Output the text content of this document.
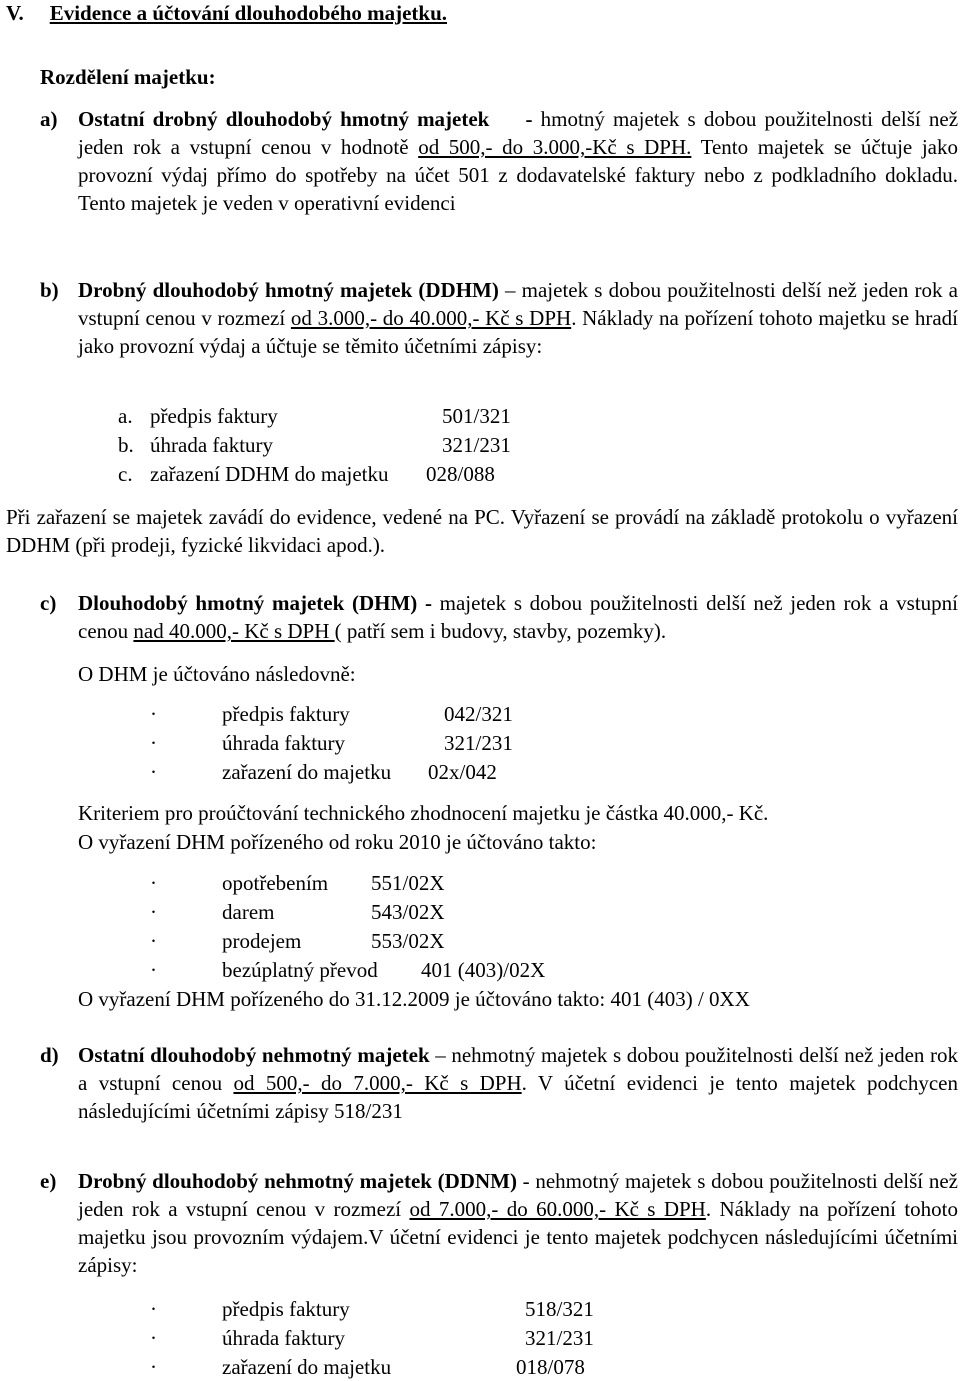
V. Evidence a účtování dlouhodobého majetku.
Rozdělení majetku:
a) Ostatní drobný dlouhodobý hmotný majetek - hmotný majetek s dobou použitelnosti delší než jeden rok a vstupní cenou v hodnotě od 500,- do 3.000,-Kč s DPH. Tento majetek se účtuje jako provozní výdaj přímo do spotřeby na účet 501 z dodavatelské faktury nebo z podkladního dokladu. Tento majetek je veden v operativní evidenci
b) Drobný dlouhodobý hmotný majetek (DDHM) – majetek s dobou použitelnosti delší než jeden rok a vstupní cenou v rozmezí od 3.000,- do 40.000,- Kč s DPH. Náklady na pořízení tohoto majetku se hradí jako provozní výdaj a účtuje se těmito účetními zápisy:
a. předpis faktury	501/321
b. úhrada faktury	321/231
c. zařazení DDHM do majetku 028/088
Při zařazení se majetek zavádí do evidence, vedené na PC. Vyřazení se provádí na základě protokolu o vyřazení DDHM (při prodeji, fyzické likvidaci apod.).
c) Dlouhodobý hmotný majetek (DHM) - majetek s dobou použitelnosti delší než jeden rok a vstupní cenou nad 40.000,- Kč s DPH ( patří sem i budovy, stavby, pozemky).
O DHM je účtováno následovně:
·	předpis faktury	042/321
·	úhrada faktury	321/231
·	zařazení do majetku 02x/042
Kriteriem pro proúčtování technického zhodnocení majetku je částka 40.000,- Kč.
O vyřazení DHM pořízeného od roku 2010 je účtováno takto:
·	opotřebením 551/02X
·	darem	543/02X
·	prodejem	553/02X
·	bezúplatný převod 401 (403)/02X
O vyřazení DHM pořízeného do 31.12.2009 je účtováno takto: 401 (403) / 0XX
d) Ostatní dlouhodobý nehmotný majetek – nehmotný majetek s dobou použitelnosti delší než jeden rok a vstupní cenou od 500,- do 7.000,- Kč s DPH. V účetní evidenci je tento majetek podchycen následujícími účetními zápisy 518/231
e) Drobný dlouhodobý nehmotný majetek (DDNM) - nehmotný majetek s dobou použitelnosti delší než jeden rok a vstupní cenou v rozmezí od 7.000,- do 60.000,- Kč s DPH. Náklady na pořízení tohoto majetku jsou provozním výdajem.V účetní evidenci je tento majetek podchycen následujícími účetními zápisy:
·	předpis faktury	518/321
·	úhrada faktury	321/231
·	zařazení do majetku	018/078
